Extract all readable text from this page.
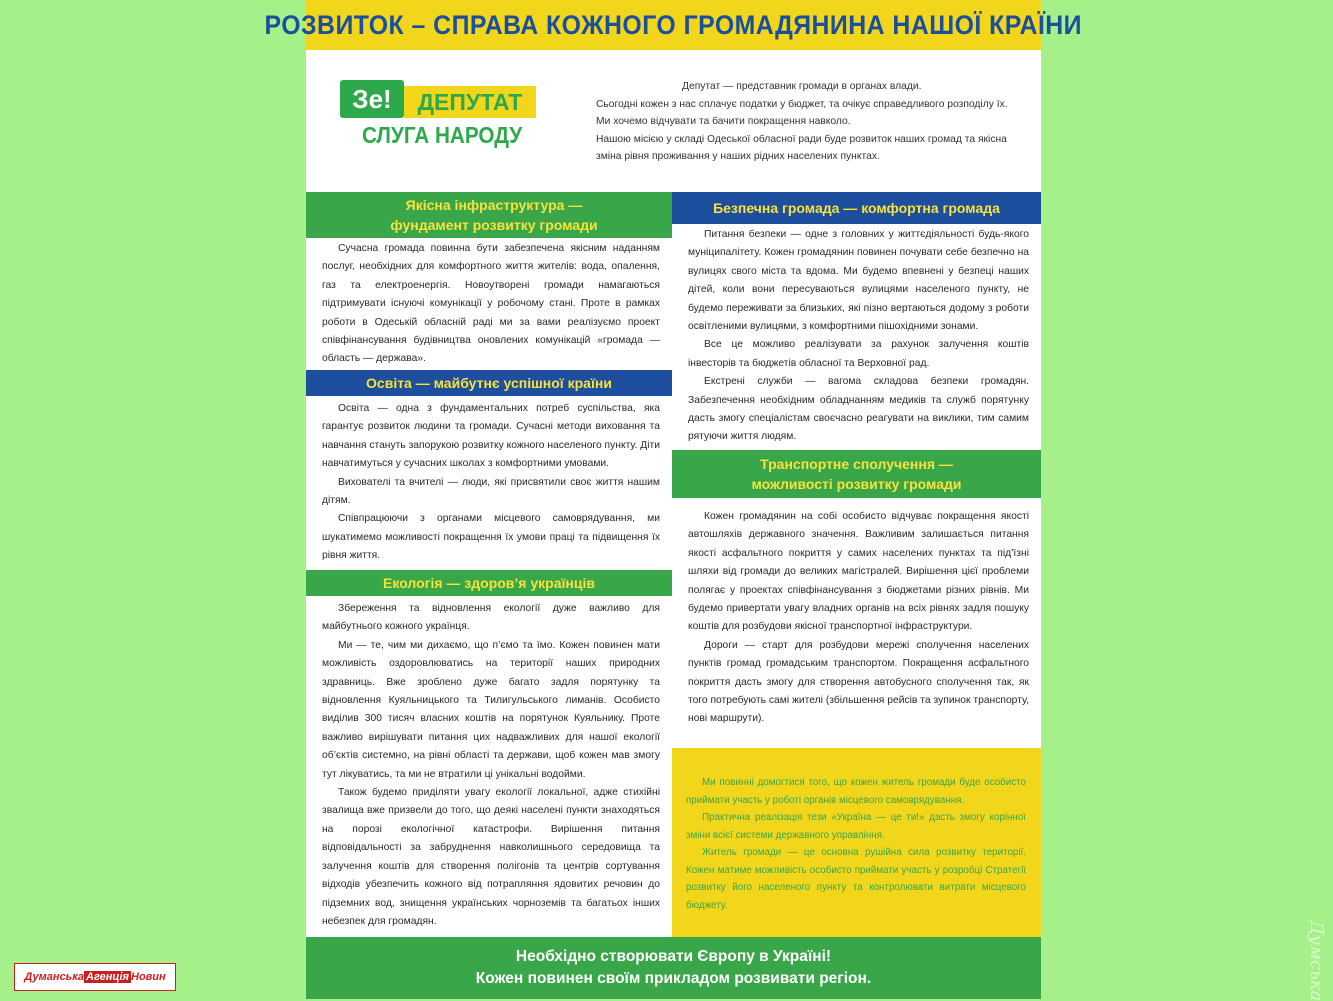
РОЗВИТОК – СПРАВА КОЖНОГО ГРОМАДЯНИНА НАШОЇ КРАЇНИ
Зе!	ДЕПУТАТ
СЛУГА НАРОДУ
Депутат — представник громади в органах влади.
Сьогодні кожен з нас сплачує податки у бюджет, та очікує справедливого розподілу їх.
Ми хочемо відчувати та бачити покращення навколо.
Нашою місією у складі Одеської обласної ради буде розвиток наших громад та якісна зміна рівня проживання у наших рідних населених пунктах.
Якісна інфраструктура —
фундамент розвитку громади

Сучасна громада повинна бути забезпечена якісним наданням послуг, необхідних для комфортного життя жителів: вода, опалення, газ та електроенергія. Новоутворені громади намагаються підтримувати існуючі комунікації у робочому стані. Проте в рамках роботи в Одеській обласній раді ми за вами реалізуємо проект співфінансування будівництва оновлених комунікацій «громада — область — держава».

Освіта — майбутнє успішної країни

Освіта — одна з фундаментальних потреб суспільства, яка гарантує розвиток людини та громади. Сучасні методи виховання та навчання стануть запорукою розвитку кожного населеного пункту. Діти навчатимуться у сучасних школах з комфортними умовами.

Вихователі та вчителі — люди, які присвятили своє життя нашим дітям.

Співпрацюючи з органами місцевого самоврядування, ми шукатимемо можливості покращення їх умови праці та підвищення їх рівня життя.

Екологія — здоров’я українців

Збереження та відновлення екології дуже важливо для майбутнього кожного українця.

Ми — те, чим ми дихаємо, що п’ємо та їмо. Кожен повинен мати можливість оздоровлюватись на території наших природних здравниць. Вже зроблено дуже багато задля порятунку та відновлення Куяльницького та Тилигульського лиманів. Особисто виділив 300 тисяч власних коштів на порятунок Куяльнику. Проте важливо вирішувати питання цих надважливих для нашої екології об’єктів системно, на рівні області та держави, щоб кожен мав змогу тут лікуватись, та ми не втратили ці унікальні водойми.

Також будемо приділяти увагу екології локальної, адже стихійні звалища вже призвели до того, що деякі населені пункти знаходяться на порозі екологічної катастрофи. Вирішення питання відповідальності за забруднення навколишнього середовища та залучення коштів для створення полігонів та центрів сортування відходів убезпечить кожного від потрапляння ядовитих речовин до підземних вод, знищення українських чорноземів та багатьох інших небезпек для громадян.

Безпечна громада — комфортна громада

Питання безпеки — одне з головних у життєдіяльності будь-якого муніципалітету. Кожен громадянин повинен почувати себе безпечно на вулицях свого міста та вдома. Ми будемо впевнені у безпеці наших дітей, коли вони пересуваються вулицями населеного пункту, не будемо переживати за близьких, які пізно вертаються додому з роботи освітленими вулицями, з комфортними пішохідними зонами.

Все це можливо реалізувати за рахунок залучення коштів інвесторів та бюджетів обласної та Верховної рад.

Екстрені служби — вагома складова безпеки громадян. Забезпечення необхідним обладнанням медиків та служб порятунку дасть змогу спеціалістам своєчасно реагувати на виклики, тим самим рятуючи життя людям.

Транспортне сполучення —
можливості розвитку громади

Кожен громадянин на собі особисто відчуває покращення якості автошляхів державного значення. Важливим залишається питання якості асфальтного покриття у самих населених пунктах та під’їзні шляхи від громади до великих магістралей. Вирішення цієї проблеми полягає у проектах співфінансування з бюджетами різних рівнів. Ми будемо привертати увагу владних органів на всіх рівнях задля пошуку коштів для розбудови якісної транспортної інфраструктури.

Дороги — старт для розбудови мережі сполучення населених пунктів громад громадським транспортом. Покращення асфальтного покриття дасть змогу для створення автобусного сполучення так, як того потребують самі жителі (збільшення рейсів та зупинок транспорту, нові маршрути).

Ми повинні домогтися того, що кожен житель громади буде особисто приймати участь у роботі органів місцевого самоврядування.

Практична реалізація тези «Україна — це ти!» дасть змогу корінної зміни всієї системи державного управління.

Житель громади — це основна рушійна сила розвитку території. Кожен матиме можливість особисто приймати участь у розробці Стратегії розвитку його населеного пункту та контролювати витрати місцевого бюджету.

Необхідно створювати Європу в Україні!
Кожен повинен своїм прикладом розвивати регіон.
Думанська Агенція Новин	Думська
